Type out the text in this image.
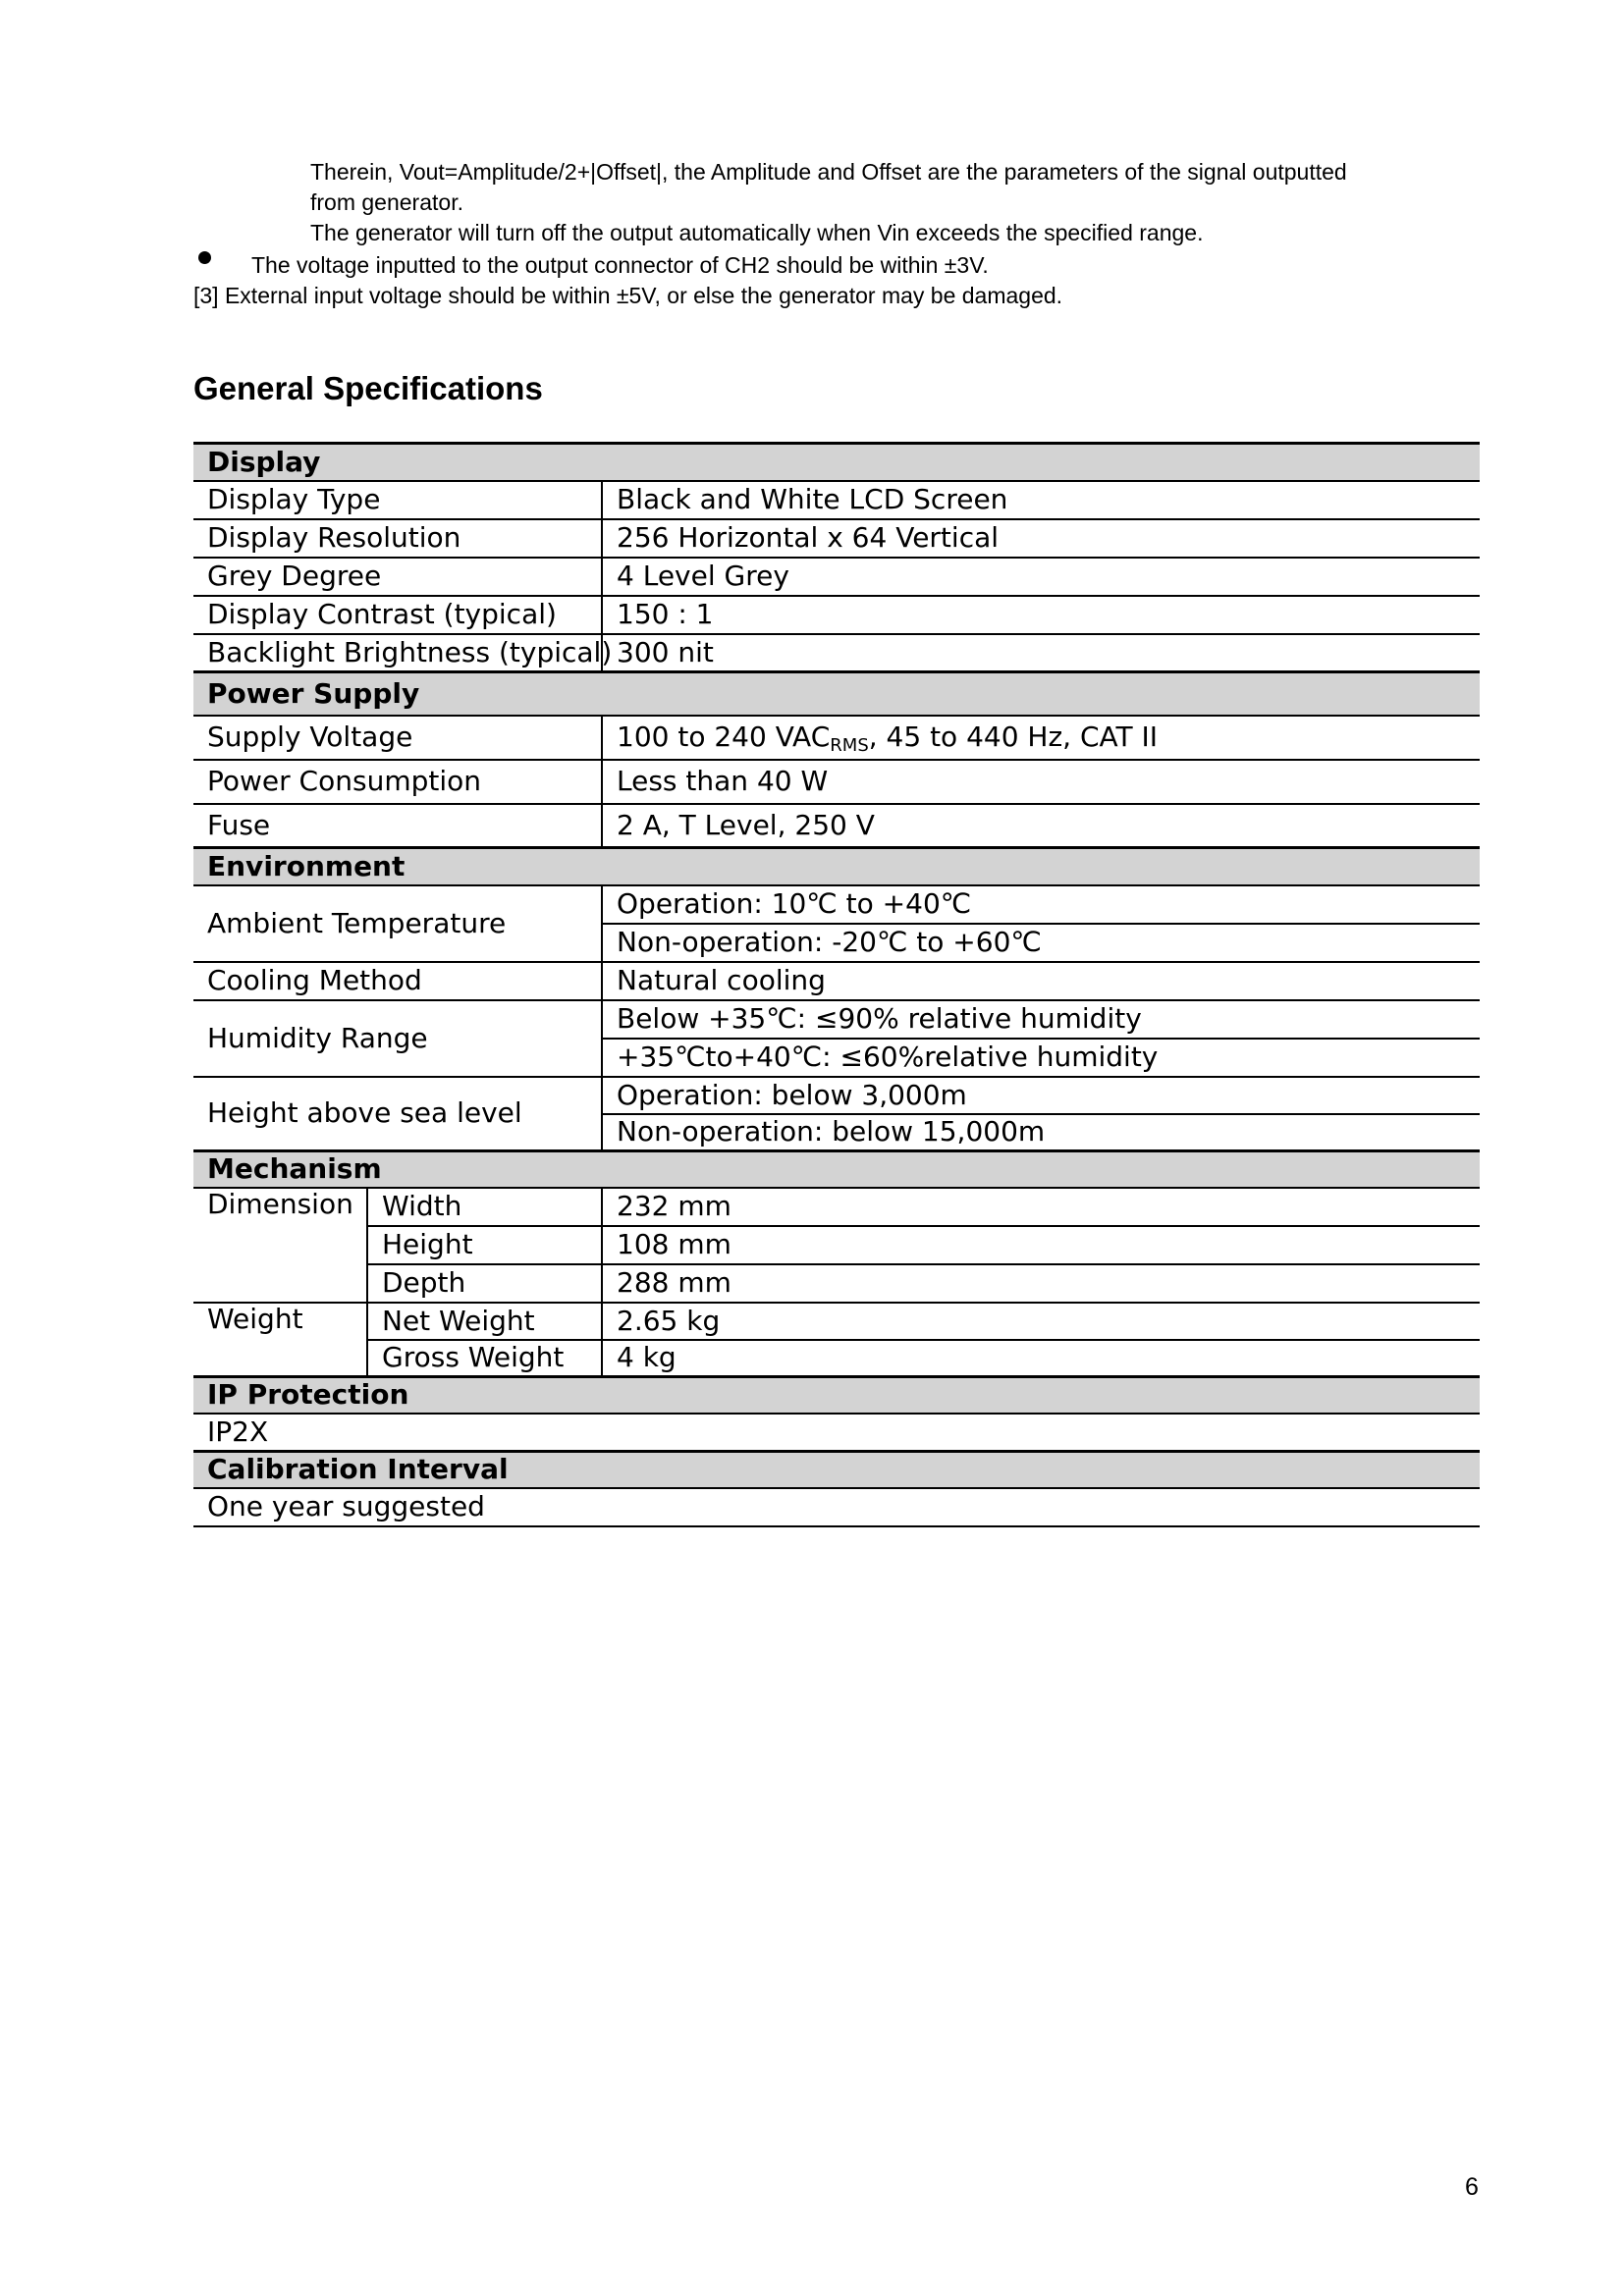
Therein, Vout=Amplitude/2+|Offset|, the Amplitude and Offset are the parameters of the signal outputted
from generator.
The generator will turn off the output automatically when Vin exceeds the specified range.
The voltage inputted to the output connector of CH2 should be within ±3V.
[3] External input voltage should be within ±5V, or else the generator may be damaged.
General Specifications
Display		
Display Type		Black and White LCD Screen
Display Resolution		256 Horizontal x 64 Vertical
Grey Degree		4 Level Grey
Display Contrast (typical)		150 : 1
Backlight Brightness (typical)		300 nit
Power Supply		
Supply Voltage		100 to 240 $VAC_{RMS}$, 45 to 440 Hz, CAT II
Power Consumption		Less than 40 W
Fuse		2 A, T Level, 250 V
Environment		
Ambient Temperature		Operation: 10℃ to +40℃
		Non-operation: -20℃ to +60℃
Cooling Method		Natural cooling
Humidity Range		Below +35℃: ≤90% relative humidity
		+35℃to+40℃: ≤60%relative humidity
Height above sea level		Operation: below 3,000m
		Non-operation: below 15,000m
Mechanism		
Dimension	Width	232 mm
	Height	108 mm
	Depth	288 mm
Weight	Net Weight	2.65 kg
	Gross Weight	4 kg
IP Protection		
IP2X		
Calibration Interval		
One year suggested		
6
